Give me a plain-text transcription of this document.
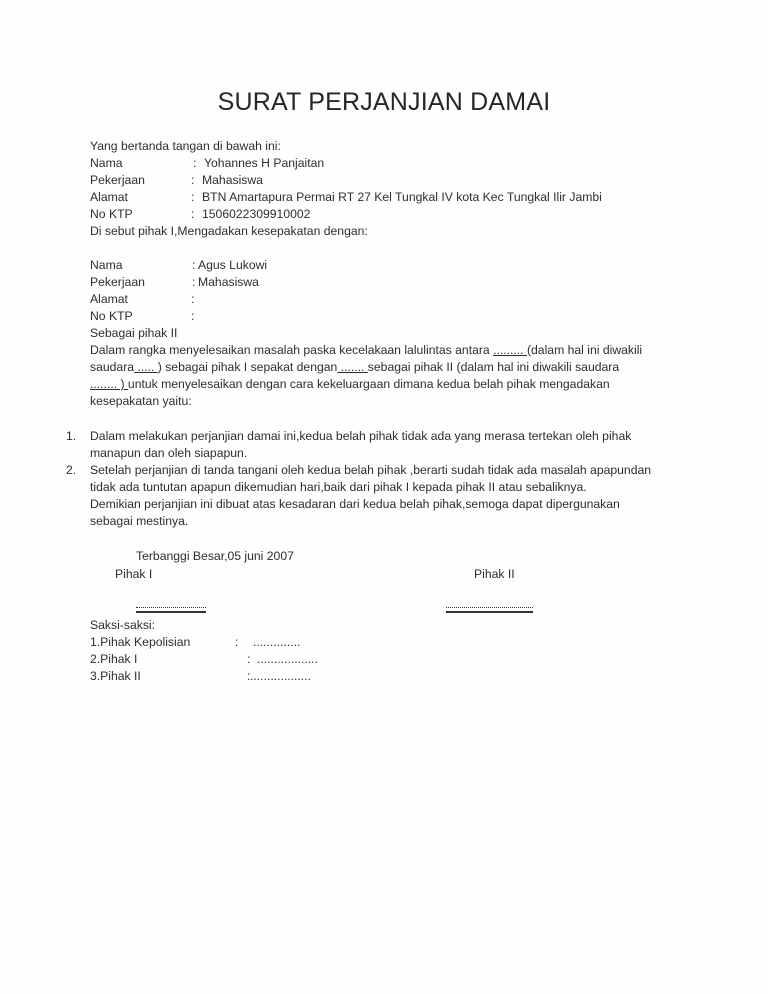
SURAT PERJANJIAN DAMAI
Yang bertanda tangan di bawah ini:
Nama	: Yohannes H Panjaitan
Pekerjaan	: Mahasiswa
Alamat	: BTN Amartapura Permai RT 27 Kel Tungkal IV kota Kec Tungkal Ilir Jambi
No KTP	: 1506022309910002
Di sebut pihak I,Mengadakan kesepakatan dengan:
Nama	: Agus Lukowi
Pekerjaan	: Mahasiswa
Alamat	:
No KTP	:
Sebagai pihak II
Dalam rangka menyelesaikan masalah paska kecelakaan lalulintas antara ......... (dalam hal ini diwakili
saudara ..... ) sebagai pihak I sepakat dengan ....... sebagai pihak II (dalam hal ini diwakili saudara
........ ) untuk menyelesaikan dengan cara kekeluargaan dimana kedua belah pihak mengadakan
kesepakatan yaitu:
1. Dalam melakukan perjanjian damai ini,kedua belah pihak tidak ada yang merasa tertekan oleh pihak
manapun dan oleh siapapun.
2. Setelah perjanjian di tanda tangani oleh kedua belah pihak ,berarti sudah tidak ada masalah apapundan
tidak ada tuntutan apapun dikemudian hari,baik dari pihak I kepada pihak II atau sebaliknya.
Demikian perjanjian ini dibuat atas kesadaran dari kedua belah pihak,semoga dapat dipergunakan
sebagai mestinya.
Terbanggi Besar,05 juni 2007
Pihak I	Pihak II
Saksi-saksi:
1.Pihak Kepolisian	: ..............
2.Pihak I	: ..................
3.Pihak II	: ..................
